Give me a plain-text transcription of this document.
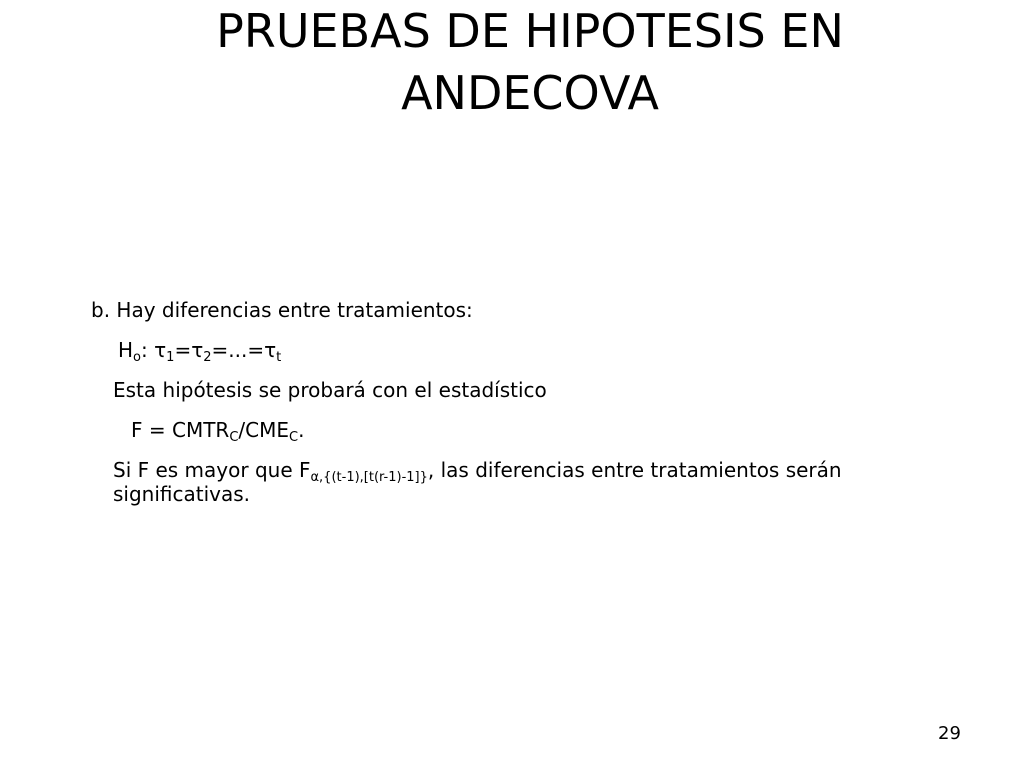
PRUEBAS DE HIPOTESIS EN
ANDECOVA

b. Hay diferencias entre tratamientos:

$H_o$: $\tau_1=\tau_2=...=\tau_t$

Esta hipótesis se probará con el estadístico

$F = CMTR_C/CME_C$.

Si F es mayor que $F_{\alpha,\{(t-1),[t(r-1)-1]\}}$, las diferencias entre tratamientos serán significativas.

29
